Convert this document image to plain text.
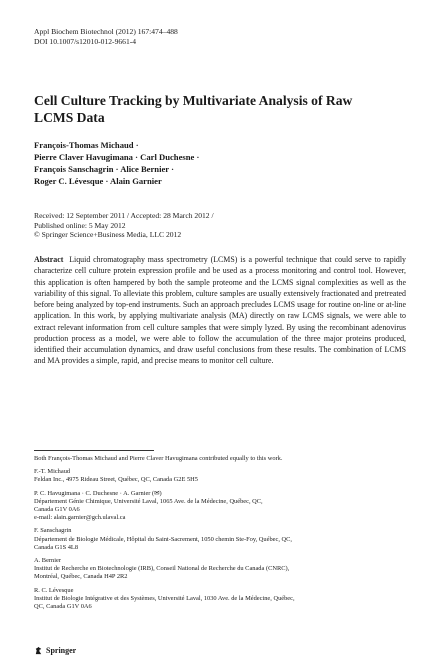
Appl Biochem Biotechnol (2012) 167:474–488
DOI 10.1007/s12010-012-9661-4
Cell Culture Tracking by Multivariate Analysis of Raw
LCMS Data
François-Thomas Michaud ·
Pierre Claver Havugimana · Carl Duchesne ·
François Sanschagrin · Alice Bernier ·
Roger C. Lévesque · Alain Garnier
Received: 12 September 2011 / Accepted: 28 March 2012 /
Published online: 5 May 2012
© Springer Science+Business Media, LLC 2012
Abstract Liquid chromatography mass spectrometry (LCMS) is a powerful technique that could serve to rapidly characterize cell culture protein expression profile and be used as a process monitoring and control tool. However, this application is often hampered by both the sample proteome and the LCMS signal complexities as well as the variability of this signal. To alleviate this problem, culture samples are usually extensively fractionated and pretreated before being analyzed by top-end instruments. Such an approach precludes LCMS usage for routine on-line or at-line application. In this work, by applying multivariate analysis (MA) directly on raw LCMS signals, we were able to extract relevant information from cell culture samples that were simply lyzed. By using the recombinant adenovirus production process as a model, we were able to follow the accumulation of the three major proteins produced, identified their accumulation dynamics, and draw useful conclusions from these results. The combination of LCMS and MA provides a simple, rapid, and precise means to monitor cell culture.
Both François-Thomas Michaud and Pierre Claver Havugimana contributed equally to this work.
F.-T. Michaud
Feldan Inc., 4975 Rideau Street, Québec, QC, Canada G2E 5H5
P. C. Havugimana · C. Duchesne · A. Garnier (✉)
Département Génie Chimique, Université Laval, 1065 Ave. de la Médecine, Québec, QC,
Canada G1V 0A6
e-mail: alain.garnier@gch.ulaval.ca
F. Sanschagrin
Département de Biologie Médicale, Hôpital du Saint-Sacrement, 1050 chemin Ste-Foy, Québec, QC,
Canada G1S 4L8
A. Bernier
Institut de Recherche en Biotechnologie (IRB), Conseil National de Recherche du Canada (CNRC),
Montréal, Québec, Canada H4P 2R2
R. C. Lévesque
Institut de Biologie Intégrative et des Systèmes, Université Laval, 1030 Ave. de la Médecine, Québec,
QC, Canada G1V 0A6
Springer
